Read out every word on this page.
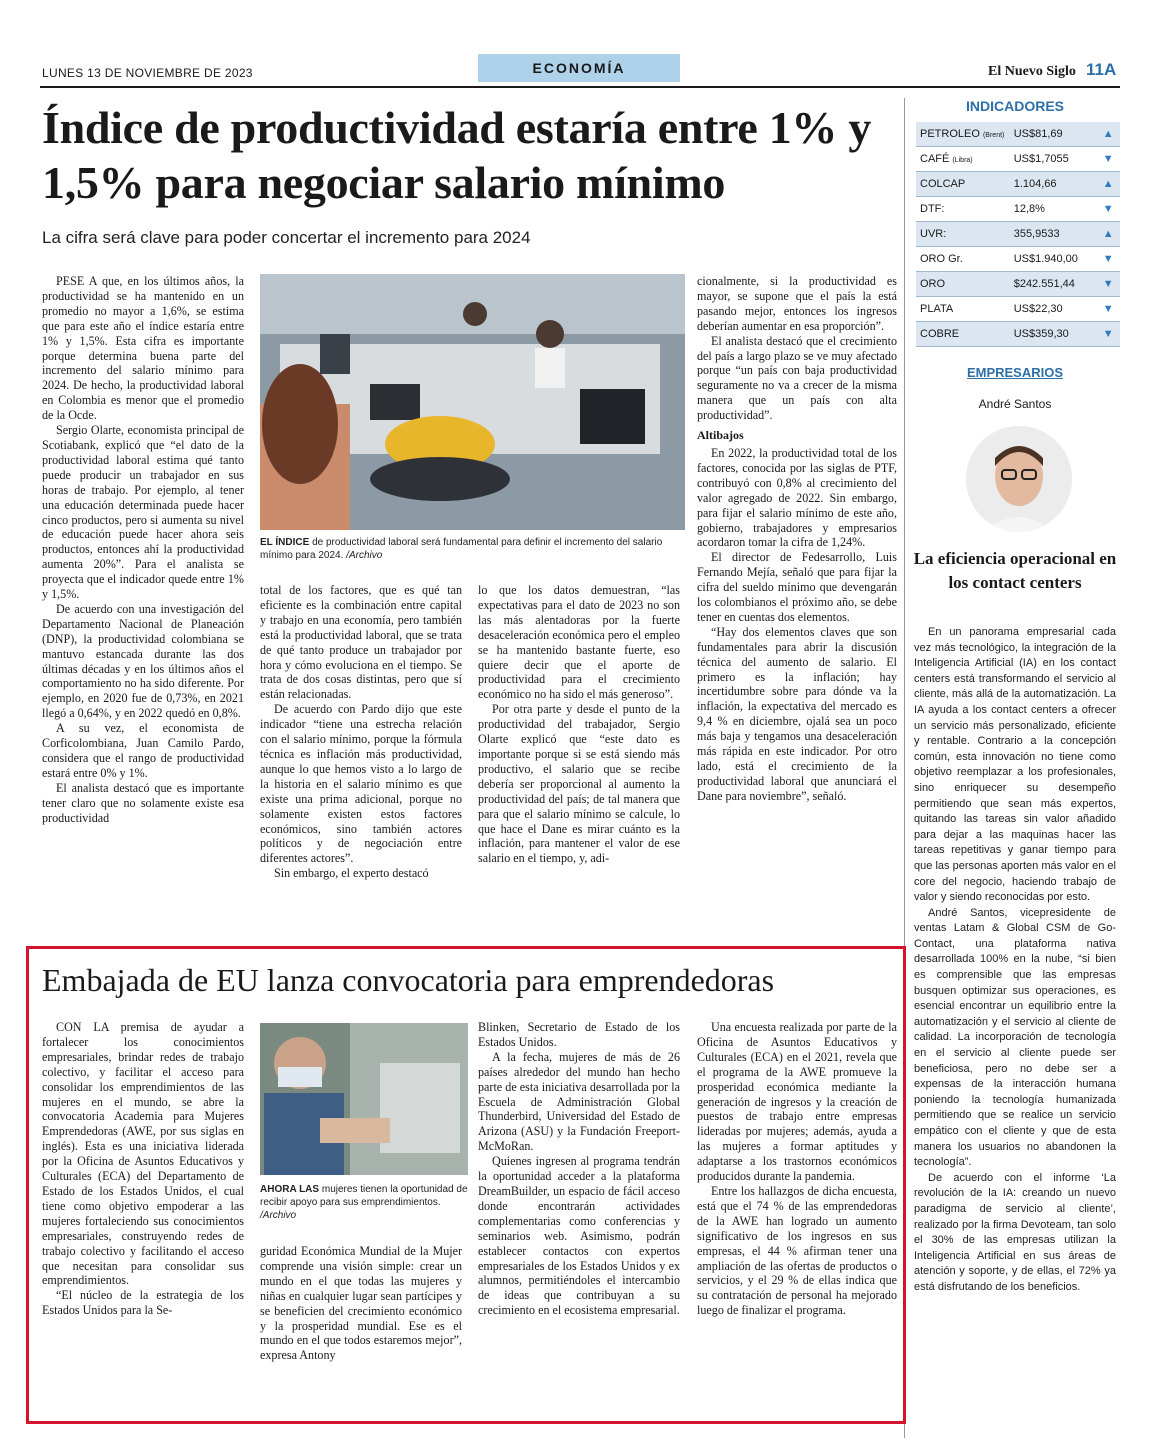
LUNES 13 DE NOVIEMBRE DE 2023	ECONOMÍA	El Nuevo Siglo 11A
Índice de productividad estaría entre 1% y 1,5% para negociar salario mínimo
La cifra será clave para poder concertar el incremento para 2024

PESE A que, en los últimos años, la productividad se ha mantenido en un promedio no mayor a 1,6%, se estima que para este año el índice estaría entre 1% y 1,5%. Esta cifra es importante porque determina buena parte del incremento del salario mínimo para 2024. De hecho, la productividad laboral en Colombia es menor que el promedio de la Ocde.

Sergio Olarte, economista principal de Scotiabank, explicó que “el dato de la productividad laboral estima qué tanto puede producir un trabajador en sus horas de trabajo. Por ejemplo, al tener una educación determinada puede hacer cinco productos, pero si aumenta su nivel de educación puede hacer ahora seis productos, entonces ahí la productividad aumenta 20%”. Para el analista se proyecta que el indicador quede entre 1% y 1,5%.

De acuerdo con una investigación del Departamento Nacional de Planeación (DNP), la productividad colombiana se mantuvo estancada durante las dos últimas décadas y en los últimos años el comportamiento no ha sido diferente. Por ejemplo, en 2020 fue de 0,73%, en 2021 llegó a 0,64%, y en 2022 quedó en 0,8%.

A su vez, el economista de Corficolombiana, Juan Camilo Pardo, considera que el rango de productividad estará entre 0% y 1%.

El analista destacó que es importante tener claro que no solamente existe esa productividad

EL ÍNDICE de productividad laboral será fundamental para definir el incremento del salario mínimo para 2024. /Archivo

total de los factores, que es qué tan eficiente es la combinación entre capital y trabajo en una economía, pero también está la productividad laboral, que se trata de qué tanto produce un trabajador por hora y cómo evoluciona en el tiempo. Se trata de dos cosas distintas, pero que sí están relacionadas.

De acuerdo con Pardo dijo que este indicador “tiene una estrecha relación con el salario mínimo, porque la fórmula técnica es inflación más productividad, aunque lo que hemos visto a lo largo de la historia en el salario mínimo es que existe una prima adicional, porque no solamente existen estos factores económicos, sino también actores políticos y de negociación entre diferentes actores”.

Sin embargo, el experto destacó

lo que los datos demuestran, “las expectativas para el dato de 2023 no son las más alentadoras por la fuerte desaceleración económica pero el empleo se ha mantenido bastante fuerte, eso quiere decir que el aporte de productividad para el crecimiento económico no ha sido el más generoso”.

Por otra parte y desde el punto de la productividad del trabajador, Sergio Olarte explicó que “este dato es importante porque si se está siendo más productivo, el salario que se recibe debería ser proporcional al aumento la productividad del país; de tal manera que para que el salario mínimo se calcule, lo que hace el Dane es mirar cuánto es la inflación, para mantener el valor de ese salario en el tiempo, y, adi-

cionalmente, si la productividad es mayor, se supone que el país la está pasando mejor, entonces los ingresos deberían aumentar en esa proporción”.

El analista destacó que el crecimiento del país a largo plazo se ve muy afectado porque “un país con baja productividad seguramente no va a crecer de la misma manera que un país con alta productividad”.

Altibajos

En 2022, la productividad total de los factores, conocida por las siglas de PTF, contribuyó con 0,8% al crecimiento del valor agregado de 2022. Sin embargo, para fijar el salario mínimo de este año, gobierno, trabajadores y empresarios acordaron tomar la cifra de 1,24%.

El director de Fedesarrollo, Luis Fernando Mejía, señaló que para fijar la cifra del sueldo mínimo que devengarán los colombianos el próximo año, se debe tener en cuentas dos elementos.

“Hay dos elementos claves que son fundamentales para abrir la discusión técnica del aumento de salario. El primero es la inflación; hay incertidumbre sobre para dónde va la inflación, la expectativa del mercado es 9,4 % en diciembre, ojalá sea un poco más baja y tengamos una desaceleración más rápida en este indicador. Por otro lado, está el crecimiento de la productividad laboral que anunciará el Dane para noviembre”, señaló.

Embajada de EU lanza convocatoria para emprendedoras

CON LA premisa de ayudar a fortalecer los conocimientos empresariales, brindar redes de trabajo colectivo, y facilitar el acceso para consolidar los emprendimientos de las mujeres en el mundo, se abre la convocatoria Academia para Mujeres Emprendedoras (AWE, por sus siglas en inglés). Esta es una iniciativa liderada por la Oficina de Asuntos Educativos y Culturales (ECA) del Departamento de Estado de los Estados Unidos, el cual tiene como objetivo empoderar a las mujeres fortaleciendo sus conocimientos empresariales, construyendo redes de trabajo colectivo y facilitando el acceso que necesitan para consolidar sus emprendimientos.

“El núcleo de la estrategia de los Estados Unidos para la Se-

AHORA LAS mujeres tienen la oportunidad de recibir apoyo para sus emprendimientos. /Archivo

guridad Económica Mundial de la Mujer comprende una visión simple: crear un mundo en el que todas las mujeres y niñas en cualquier lugar sean partícipes y se beneficien del crecimiento económico y la prosperidad mundial. Ese es el mundo en el que todos estaremos mejor”, expresa Antony

Blinken, Secretario de Estado de los Estados Unidos.

A la fecha, mujeres de más de 26 países alrededor del mundo han hecho parte de esta iniciativa desarrollada por la Escuela de Administración Global Thunderbird, Universidad del Estado de Arizona (ASU) y la Fundación Freeport-McMoRan.

Quienes ingresen al programa tendrán la oportunidad acceder a la plataforma DreamBuilder, un espacio de fácil acceso donde encontrarán actividades complementarias como conferencias y seminarios web. Asimismo, podrán establecer contactos con expertos empresariales de los Estados Unidos y ex alumnos, permitiéndoles el intercambio de ideas que contribuyan a su crecimiento en el ecosistema empresarial.

Una encuesta realizada por parte de la Oficina de Asuntos Educativos y Culturales (ECA) en el 2021, revela que el programa de la AWE promueve la prosperidad económica mediante la generación de ingresos y la creación de puestos de trabajo entre empresas lideradas por mujeres; además, ayuda a las mujeres a formar aptitudes y adaptarse a los trastornos económicos producidos durante la pandemia.

Entre los hallazgos de dicha encuesta, está que el 74 % de las emprendedoras de la AWE han logrado un aumento significativo de los ingresos en sus empresas, el 44 % afirman tener una ampliación de las ofertas de productos o servicios, y el 29 % de ellas indica que su contratación de personal ha mejorado luego de finalizar el programa.

INDICADORES
PETROLEO (Brent)	US$81,69	▲
CAFÉ (Libra)	US$1,7055	▼
COLCAP	1.104,66	▲
DTF:	12,8%	▼
UVR:	355,9533	▲
ORO Gr.	US$1.940,00	▼
ORO	$242.551,44	▼
PLATA	US$22,30	▼
COBRE	US$359,30	▼
EMPRESARIOS
André Santos
La eficiencia operacional en los contact centers

En un panorama empresarial cada vez más tecnológico, la integración de la Inteligencia Artificial (IA) en los contact centers está transformando el servicio al cliente, más allá de la automatización. La IA ayuda a los contact centers a ofrecer un servicio más personalizado, eficiente y rentable. Contrario a la concepción común, esta innovación no tiene como objetivo reemplazar a los profesionales, sino enriquecer su desempeño permitiendo que sean más expertos, quitando las tareas sin valor añadido para dejar a las maquinas hacer las tareas repetitivas y ganar tiempo para que las personas aporten más valor en el core del negocio, haciendo trabajo de valor y siendo reconocidas por esto.

André Santos, vicepresidente de ventas Latam & Global CSM de Go-Contact, una plataforma nativa desarrollada 100% en la nube, “si bien es comprensible que las empresas busquen optimizar sus operaciones, es esencial encontrar un equilibrio entre la automatización y el servicio al cliente de calidad. La incorporación de tecnología en el servicio al cliente puede ser beneficiosa, pero no debe ser a expensas de la interacción humana poniendo la tecnología humanizada permitiendo que se realice un servicio empático con el cliente y que de esta manera los usuarios no abandonen la tecnología”.

De acuerdo con el informe ‘La revolución de la IA: creando un nuevo paradigma de servicio al cliente’, realizado por la firma Devoteam, tan solo el 30% de las empresas utilizan la Inteligencia Artificial en sus áreas de atención y soporte, y de ellas, el 72% ya está disfrutando de los beneficios.
